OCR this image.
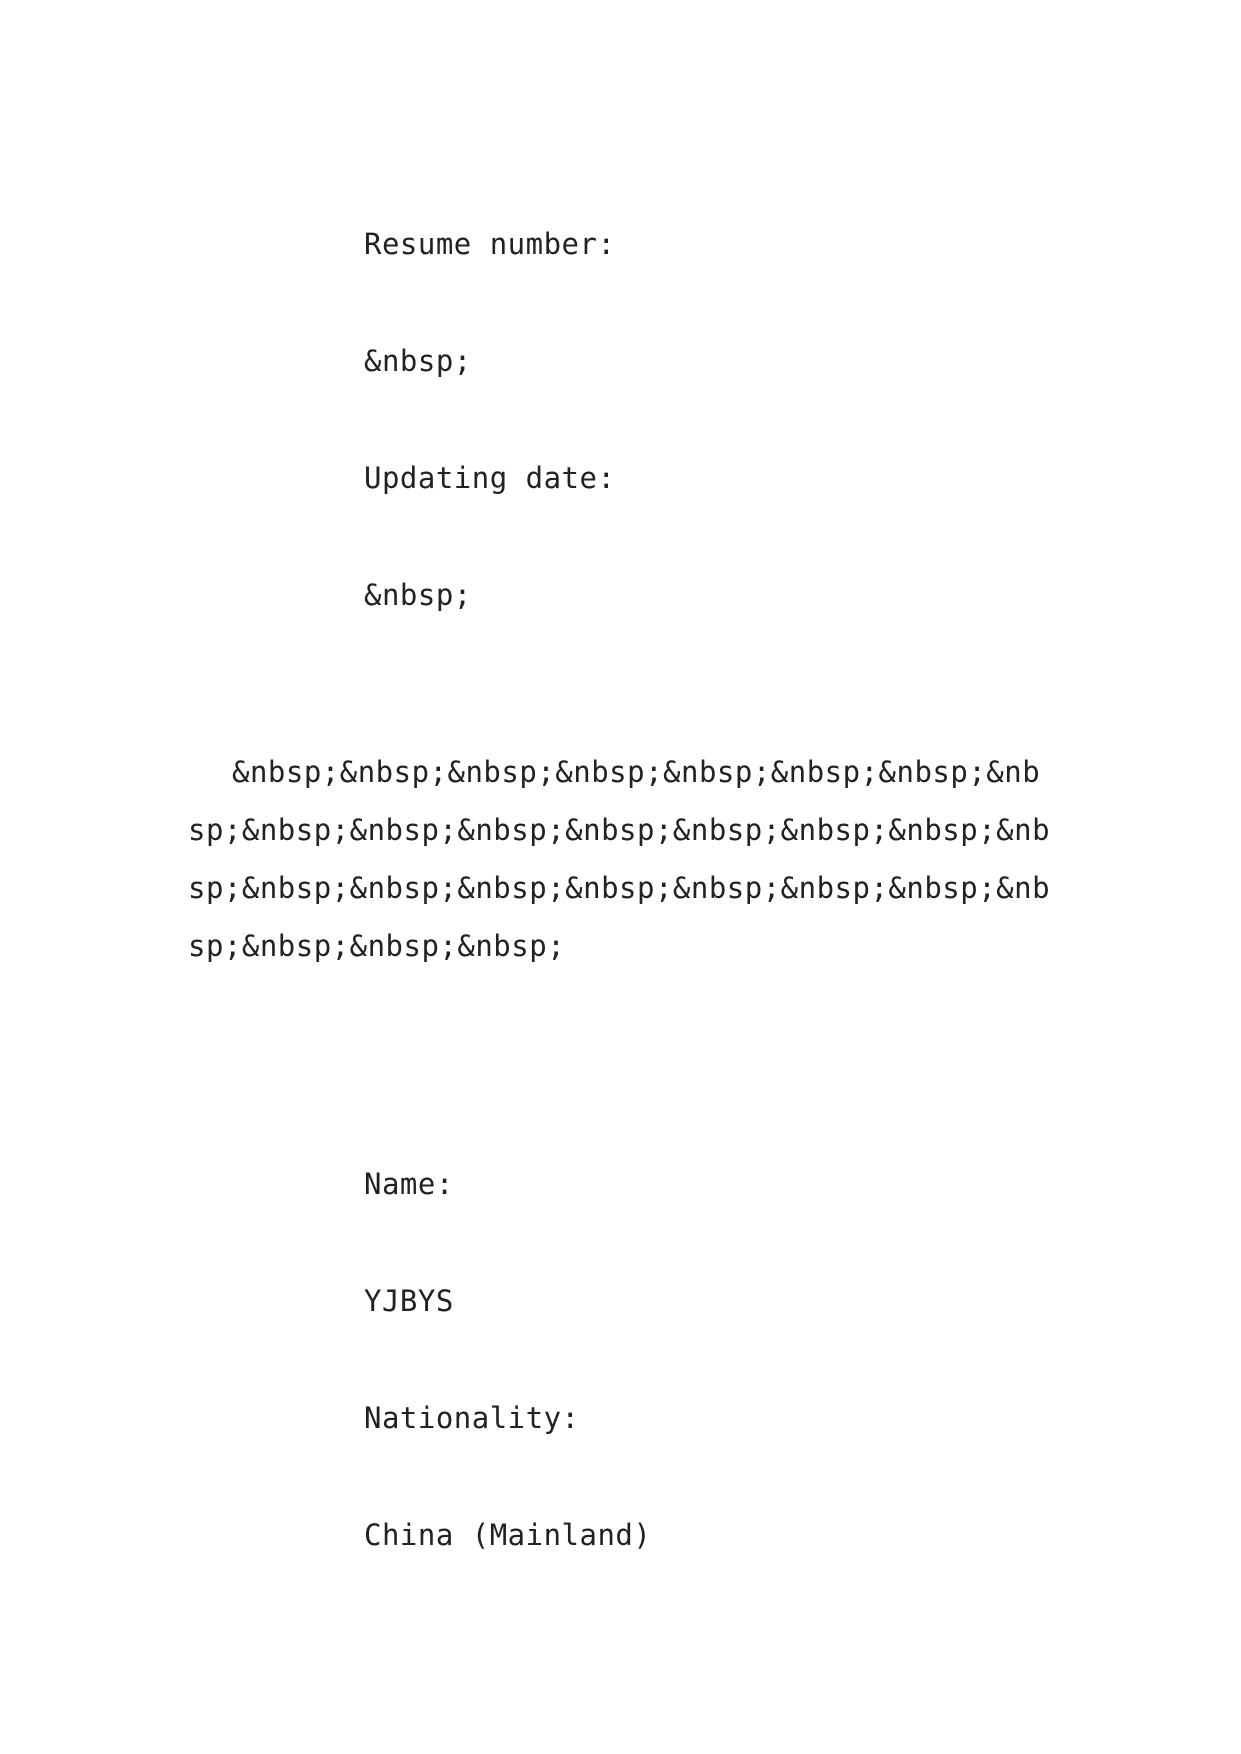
Resume number:
&nbsp;
Updating date:
&nbsp;
&nbsp;&nbsp;&nbsp;&nbsp;&nbsp;&nbsp;&nbsp;&nbsp;&nbsp;&nbsp;&nbsp;&nbsp;&nbsp;&nbsp;&nbsp;&nbsp;&nbsp;&nbsp;&nbsp;&nbsp;&nbsp;&nbsp;&nbsp;&nbsp;&nbsp;&nbsp;&nbsp;
Name:
YJBYS
Nationality:
China (Mainland)
